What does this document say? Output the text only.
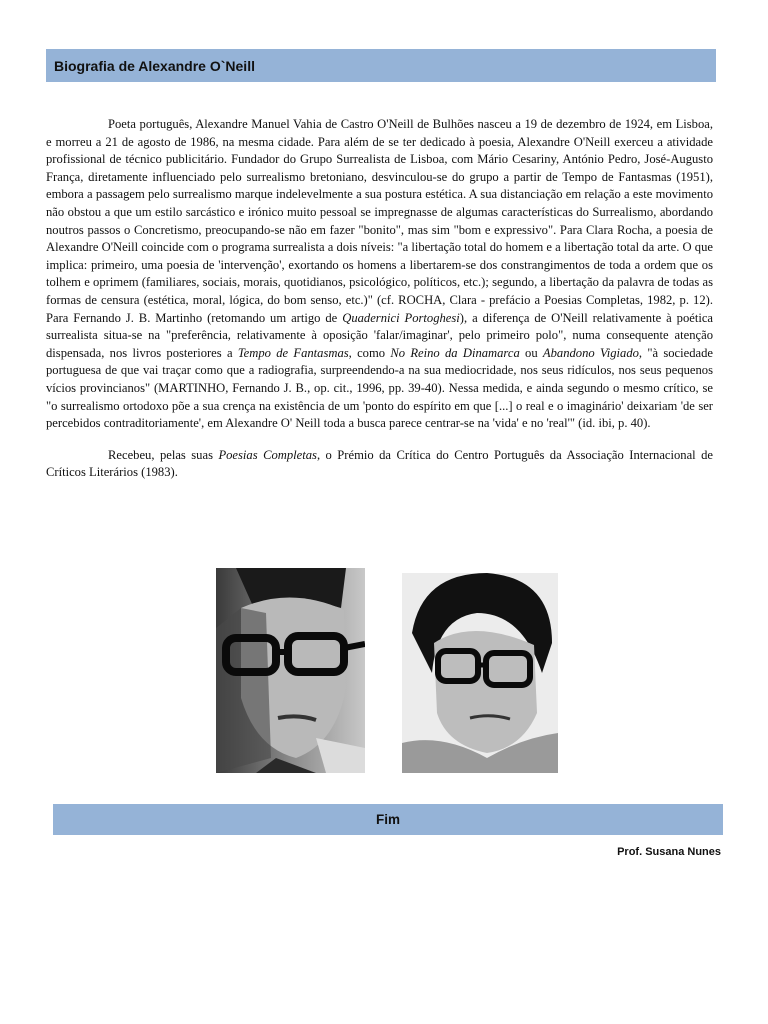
Biografia de Alexandre O`Neill

Poeta português, Alexandre Manuel Vahia de Castro O'Neill de Bulhões nasceu a 19 de dezembro de 1924, em Lisboa, e morreu a 21 de agosto de 1986, na mesma cidade. Para além de se ter dedicado à poesia, Alexandre O'Neill exerceu a atividade profissional de técnico publicitário. Fundador do Grupo Surrealista de Lisboa, com Mário Cesariny, António Pedro, José-Augusto França, diretamente influenciado pelo surrealismo bretoniano, desvinculou-se do grupo a partir de Tempo de Fantasmas (1951), embora a passagem pelo surrealismo marque indelevelmente a sua postura estética. A sua distanciação em relação a este movimento não obstou a que um estilo sarcástico e irónico muito pessoal se impregnasse de algumas características do Surrealismo, abordando noutros passos o Concretismo, preocupando-se não em fazer "bonito", mas sim "bom e expressivo". Para Clara Rocha, a poesia de Alexandre O'Neill coincide com o programa surrealista a dois níveis: "a libertação total do homem e a libertação total da arte. O que implica: primeiro, uma poesia de 'intervenção', exortando os homens a libertarem-se dos constrangimentos de toda a ordem que os tolhem e oprimem (familiares, sociais, morais, quotidianos, psicológico, políticos, etc.); segundo, a libertação da palavra de todas as formas de censura (estética, moral, lógica, do bom senso, etc.)" (cf. ROCHA, Clara - prefácio a Poesias Completas, 1982, p. 12). Para Fernando J. B. Martinho (retomando um artigo de Quadernici Portoghesi), a diferença de O'Neill relativamente à poética surrealista situa-se na "preferência, relativamente à oposição 'falar/imaginar', pelo primeiro polo", numa consequente atenção dispensada, nos livros posteriores a Tempo de Fantasmas, como No Reino da Dinamarca ou Abandono Vigiado, "à sociedade portuguesa de que vai traçar como que a radiografia, surpreendendo-a na sua mediocridade, nos seus ridículos, nos seus pequenos vícios provincianos" (MARTINHO, Fernando J. B., op. cit., 1996, pp. 39-40). Nessa medida, e ainda segundo o mesmo crítico, se "o surrealismo ortodoxo põe a sua crença na existência de um 'ponto do espírito em que [...] o real e o imaginário' deixariam 'de ser percebidos contraditoriamente', em Alexandre O' Neill toda a busca parece centrar-se na 'vida' e no 'real'" (id. ibi, p. 40).

Recebeu, pelas suas Poesias Completas, o Prémio da Crítica do Centro Português da Associação Internacional de Críticos Literários (1983).

Fim
Prof. Susana Nunes
